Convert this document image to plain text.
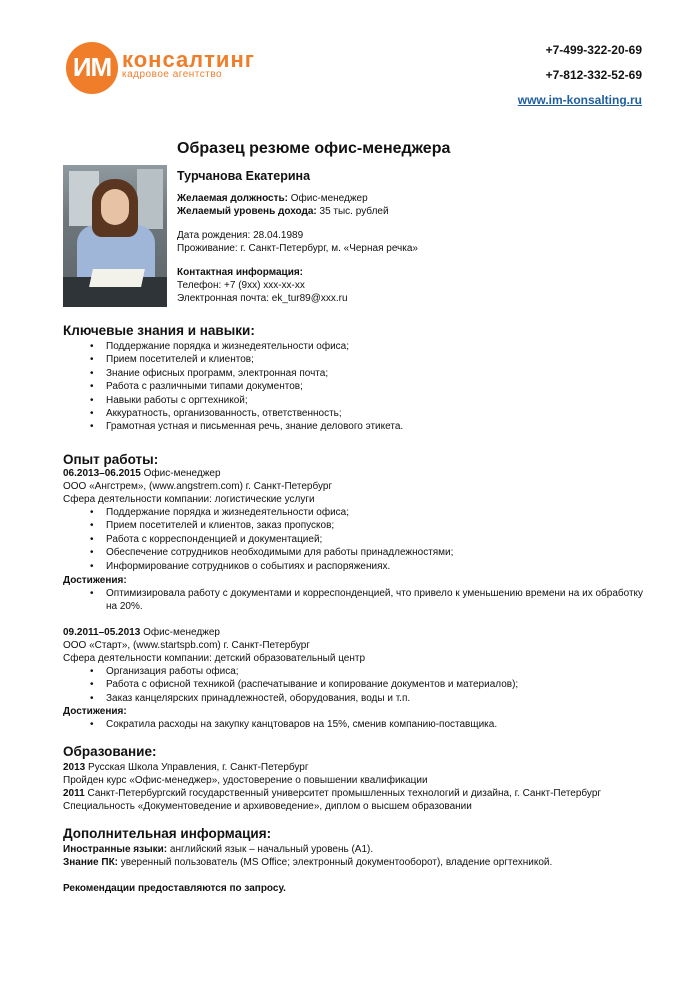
ИМ консалтинг
кадровое агентство
+7-499-322-20-69
+7-812-332-52-69
www.im-konsalting.ru
Образец резюме офис-менеджера
Турчанова Екатерина
Желаемая должность: Офис-менеджер
Желаемый уровень дохода: 35 тыс. рублей
Дата рождения: 28.04.1989
Проживание: г. Санкт-Петербург, м. «Черная речка»
Контактная информация:
Телефон: +7 (9хх) ххх-хх-хх
Электронная почта: ek_tur89@xxx.ru
Ключевые знания и навыки:
• Поддержание порядка и жизнедеятельности офиса;
• Прием посетителей и клиентов;
• Знание офисных программ, электронная почта;
• Работа с различными типами документов;
• Навыки работы с оргтехникой;
• Аккуратность, организованность, ответственность;
• Грамотная устная и письменная речь, знание делового этикета.
Опыт работы:
06.2013–06.2015 Офис-менеджер
ООО «Ангстрем», (www.angstrem.com) г. Санкт-Петербург
Сфера деятельности компании: логистические услуги
• Поддержание порядка и жизнедеятельности офиса;
• Прием посетителей и клиентов, заказ пропусков;
• Работа с корреспонденцией и документацией;
• Обеспечение сотрудников необходимыми для работы принадлежностями;
• Информирование сотрудников о событиях и распоряжениях.
Достижения:
• Оптимизировала работу с документами и корреспонденцией, что привело к уменьшению времени на их обработку на 20%.
09.2011–05.2013 Офис-менеджер
ООО «Старт», (www.startspb.com) г. Санкт-Петербург
Сфера деятельности компании: детский образовательный центр
• Организация работы офиса;
• Работа с офисной техникой (распечатывание и копирование документов и материалов);
• Заказ канцелярских принадлежностей, оборудования, воды и т.п.
Достижения:
• Сократила расходы на закупку канцтоваров на 15%, сменив компанию-поставщика.
Образование:
2013 Русская Школа Управления, г. Санкт-Петербург
Пройден курс «Офис-менеджер», удостоверение о повышении квалификации
2011 Санкт-Петербургский государственный университет промышленных технологий и дизайна, г. Санкт-Петербург
Специальность «Документоведение и архивоведение», диплом о высшем образовании
Дополнительная информация:
Иностранные языки: английский язык – начальный уровень (А1).
Знание ПК: уверенный пользователь (MS Office; электронный документооборот), владение оргтехникой.
Рекомендации предоставляются по запросу.
